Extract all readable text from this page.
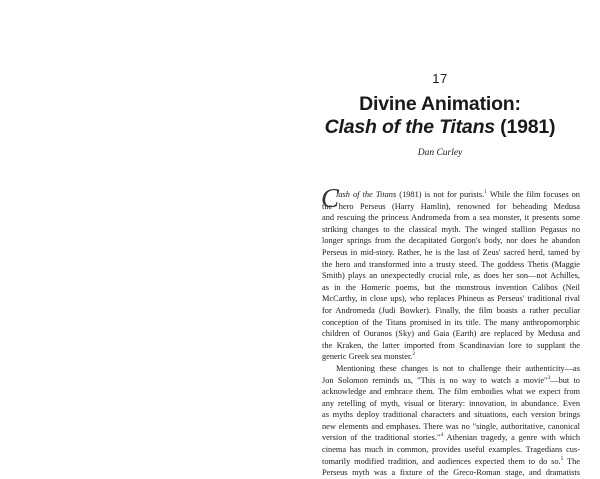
17
Divine Animation:
Clash of the Titans (1981)
Dan Curley
C
lash of the Titans (1981) is not for purists.$^1$ While the film focuses on
the hero Perseus (Harry Hamlin), renowned for beheading Medusa
and rescuing the princess Andromeda from a sea monster, it presents some
striking changes to the classical myth. The winged stallion Pegasus no
longer springs from the decapitated Gorgon's body, nor does he abandon
Perseus in mid-story. Rather, he is the last of Zeus' sacred herd, tamed by
the hero and transformed into a trusty steed. The goddess Thetis (Maggie
Smith) plays an unexpectedly crucial role, as does her son—not Achilles,
as in the Homeric poems, but the monstrous invention Calibos (Neil
McCarthy, in close ups), who replaces Phineus as Perseus' traditional rival
for Andromeda (Judi Bowker). Finally, the film boasts a rather peculiar
conception of the Titans promised in its title. The many anthropomorphic
children of Ouranos (Sky) and Gaia (Earth) are replaced by Medusa and
the Kraken, the latter imported from Scandinavian lore to supplant the
generic Greek sea monster.$^2$
Mentioning these changes is not to challenge their authenticity—as
Jon Solomon reminds us, "This is no way to watch a movie"$^3$—but to
acknowledge and embrace them. The film embodies what we expect from
any retelling of myth, visual or literary: innovation, in abundance. Even
as myths deploy traditional characters and situations, each version brings
new elements and emphases. There was no "single, authoritative, canonical
version of the traditional stories."$^4$ Athenian tragedy, a genre with which
cinema has much in common, provides useful examples. Tragedians cus-
tomarily modified tradition, and audiences expected them to do so.$^5$ The
Perseus myth was a fixture of the Greco-Roman stage, and dramatists
